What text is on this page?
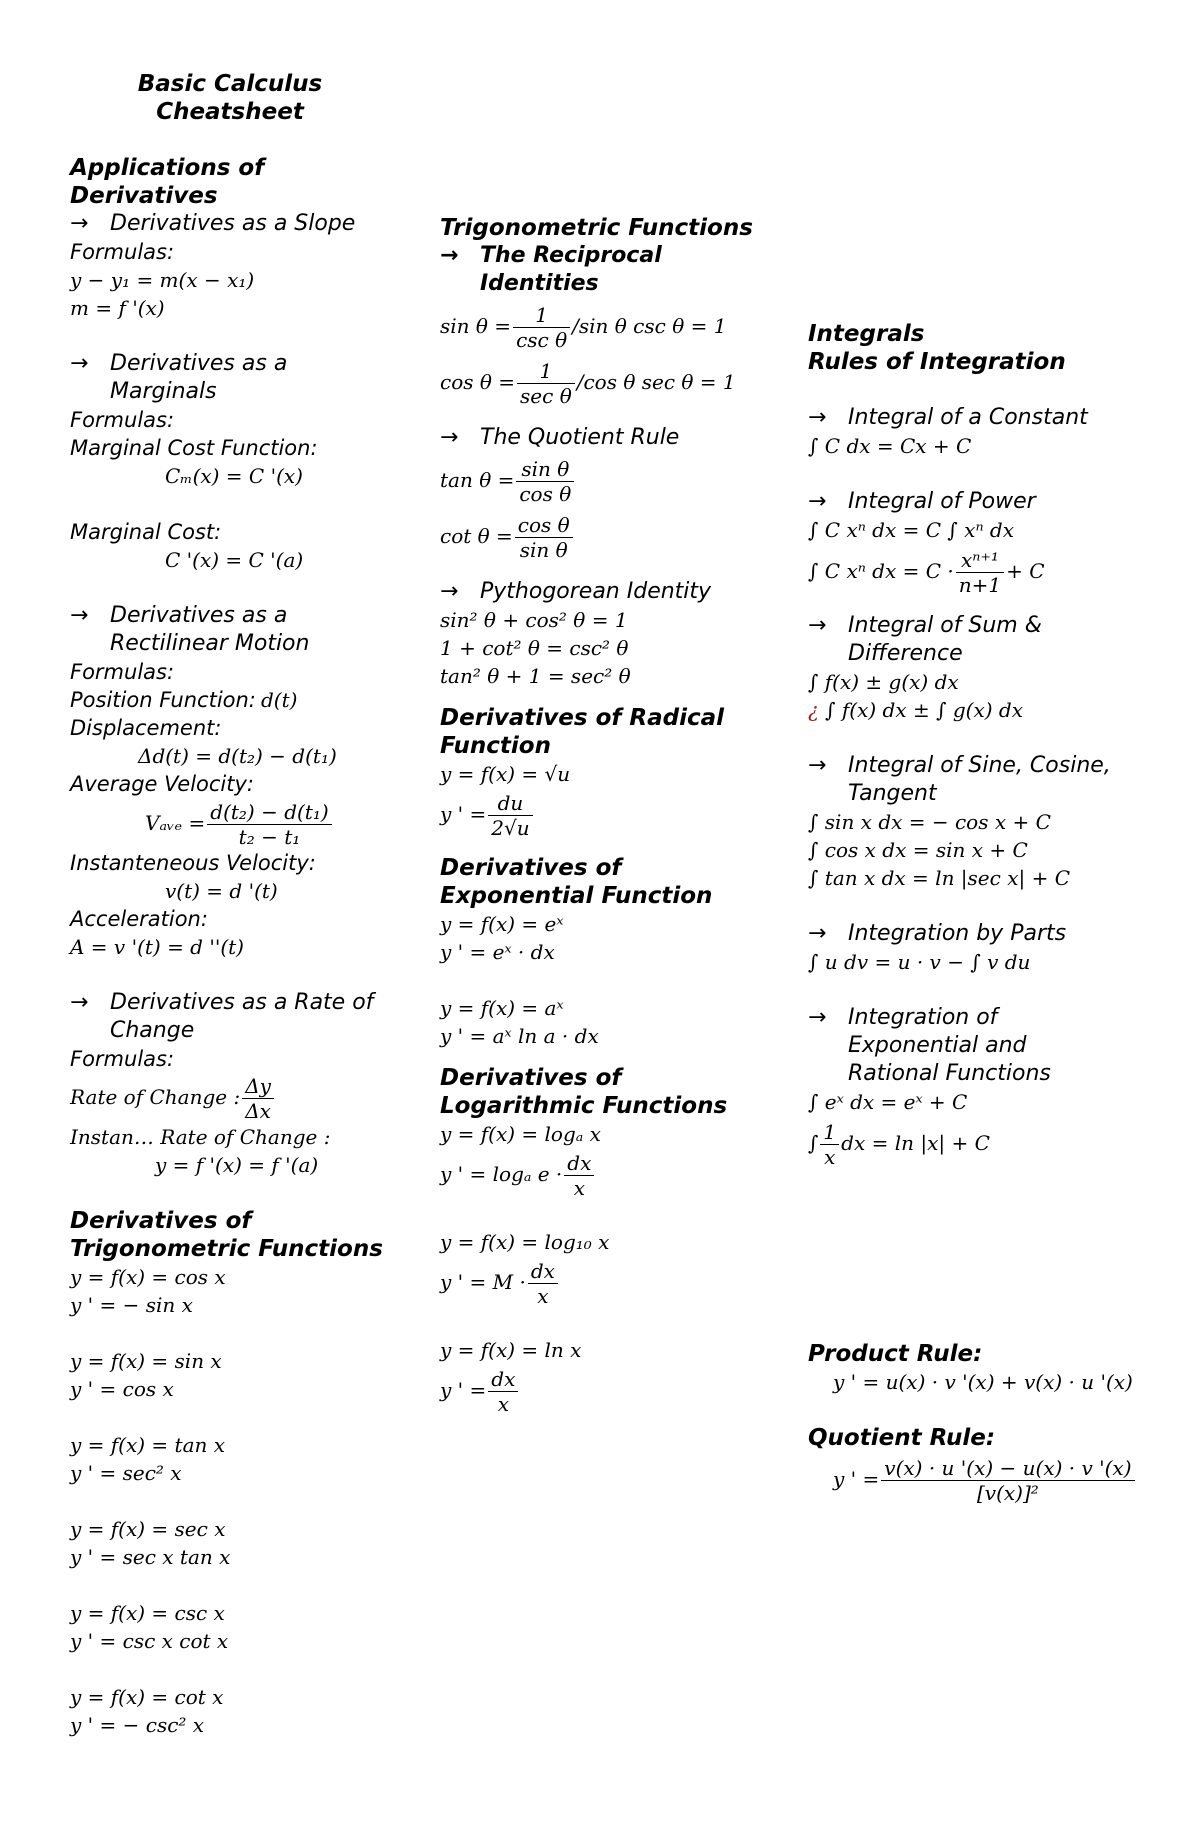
Basic Calculus
Cheatsheet
Applications of
Derivatives
→ Derivatives as a Slope
Formulas:
y − y₁ = m(x − x₁)
m = f '(x)
→ Derivatives as a
Marginals
Formulas:
Marginal Cost Function:
Cₘ(x) = C '(x)
Marginal Cost:
C '(x) = C '(a)
→ Derivatives as a
Rectilinear Motion
Formulas:
Position Function: d(t)
Displacement:
Δd(t) = d(t₂) − d(t₁)
Average Velocity:
Vₐᵥₑ = $\frac{\text{d(t₂) − d(t₁)}}{\text{t₂ − t₁}}$
Instanteneous Velocity:
v(t) = d '(t)
Acceleration:
A = v '(t) = d ''(t)
→ Derivatives as a Rate of
Change
Formulas:
Rate of Change : $\frac{\Delta y}{\Delta x}$
Instan… Rate of Change :
y = f '(x) = f '(a)
Derivatives of
Trigonometric Functions
y = f(x) = cos x
y ' = − sin x
y = f(x) = sin x
y ' = cos x
y = f(x) = tan x
y ' = sec² x
y = f(x) = sec x
y ' = sec x tan x
y = f(x) = csc x
y ' = csc x cot x
y = f(x) = cot x
y ' = − csc² x
Trigonometric Functions
→ The Reciprocal
Identities
$\sin \theta = \frac{1}{\text{csc θ}} /\sin$ θ csc θ = 1
$\cos \theta = \frac{1}{\text{sec θ}} /\cos$ θ sec θ = 1
→ The Quotient Rule
$\tan \theta = \frac{\text{sin θ}}{\text{cos θ}}$
$\cot \theta = \frac{\text{cos θ}}{\text{sin θ}}$
→ Pythogorean Identity
sin² θ + cos² θ = 1
1 + cot² θ = csc² θ
tan² θ + 1 = sec² θ
Derivatives of Radical
Function
y = f(x) = √u
y ' = $\frac{du}{2√u}$
Derivatives of
Exponential Function
y = f(x) = eˣ
y ' = eˣ · dx
y = f(x) = aˣ
y ' = aˣ ln a · dx
Derivatives of
Logarithmic Functions
y = f(x) = logₐ x
y ' = logₐ $e \cdot \frac{dx}{x}$
y = f(x) = log₁₀ x
y ' = $M \cdot \frac{dx}{x}$
y = f(x) = ln x
y ' = $\frac{dx}{x}$
Integrals
Rules of Integration
→ Integral of a Constant
∫ C dx = Cx + C
→ Integral of Power
∫ C xⁿ dx = C ∫ xⁿ dx
∫ C xⁿ dx = $C \cdot \frac{\text{xⁿ⁺¹}}{n+1} + C$
→ Integral of Sum &
Difference
∫ f(x) ± g(x) dx
¿ ∫ f(x) dx ± ∫ g(x) dx
→ Integral of Sine, Cosine,
Tangent
∫ sin x dx = − cos x + C
∫ cos x dx = sin x + C
∫ tan x dx = ln |sec x| + C
→ Integration by Parts
∫ u dv = u · v − ∫ v du
→ Integration of
Exponential and
Rational Functions
∫ eˣ dx = eˣ + C
∫ $\frac{1}{x}$ dx = ln |x| + C
Product Rule:
y ' = u(x) · v '(x) + v(x) · u '(x)
Quotient Rule:
y ' = $\frac{v(x) \cdot u '(x) - u(x) \cdot v '(x)}{\text{[v(x)]²}}$
